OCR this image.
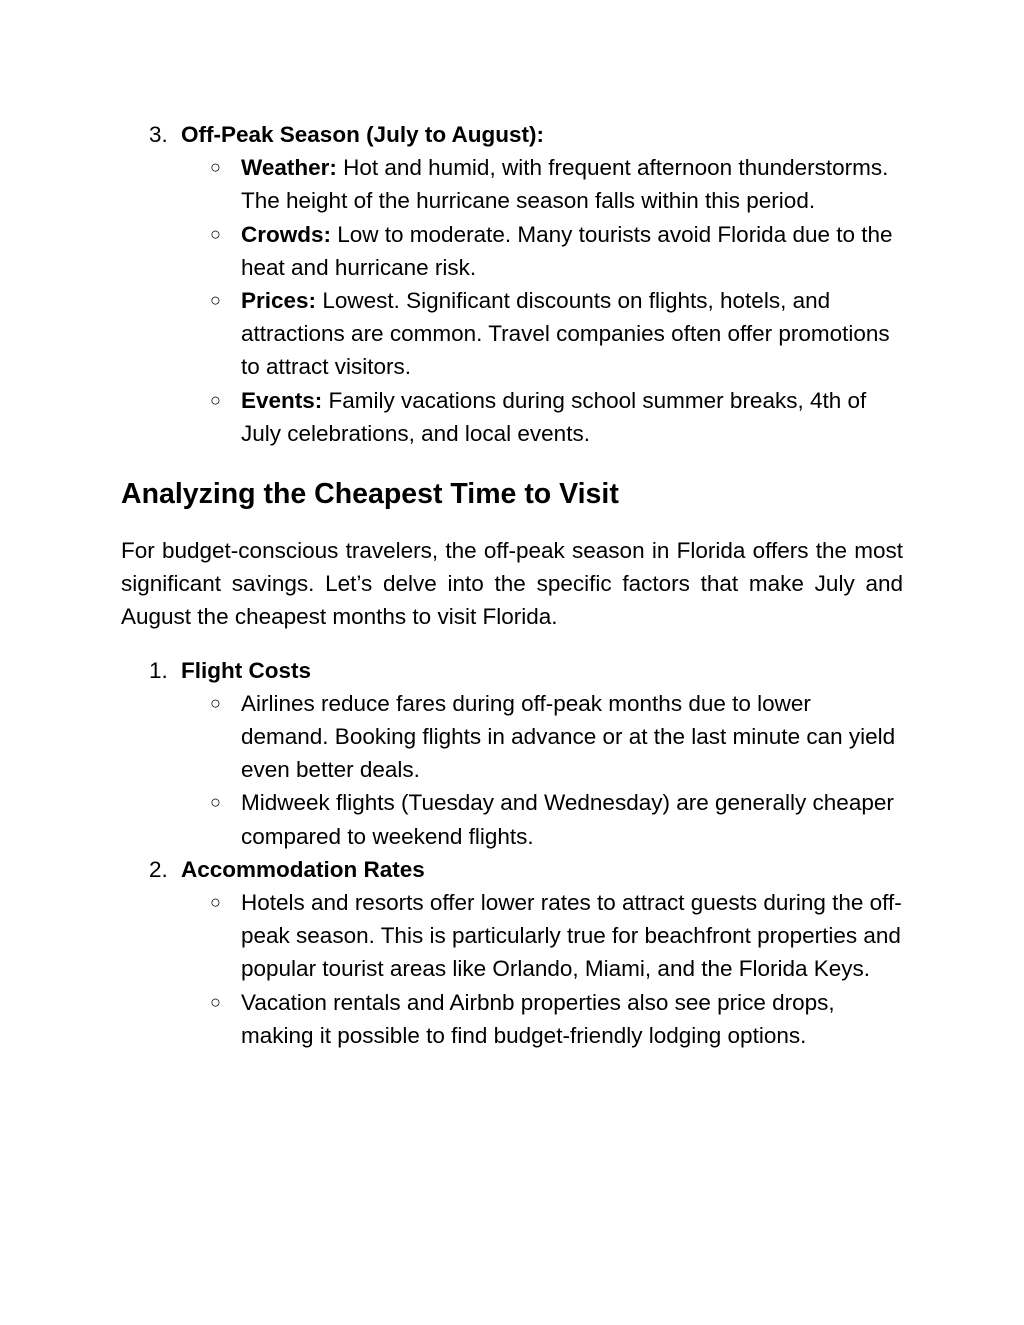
3. Off-Peak Season (July to August):
○ Weather: Hot and humid, with frequent afternoon thunderstorms. The height of the hurricane season falls within this period.
○ Crowds: Low to moderate. Many tourists avoid Florida due to the heat and hurricane risk.
○ Prices: Lowest. Significant discounts on flights, hotels, and attractions are common. Travel companies often offer promotions to attract visitors.
○ Events: Family vacations during school summer breaks, 4th of July celebrations, and local events.
Analyzing the Cheapest Time to Visit

For budget-conscious travelers, the off-peak season in Florida offers the most significant savings. Let’s delve into the specific factors that make July and August the cheapest months to visit Florida.

1. Flight Costs
○ Airlines reduce fares during off-peak months due to lower demand. Booking flights in advance or at the last minute can yield even better deals.
○ Midweek flights (Tuesday and Wednesday) are generally cheaper compared to weekend flights.
2. Accommodation Rates
○ Hotels and resorts offer lower rates to attract guests during the off-peak season. This is particularly true for beachfront properties and popular tourist areas like Orlando, Miami, and the Florida Keys.
○ Vacation rentals and Airbnb properties also see price drops, making it possible to find budget-friendly lodging options.
